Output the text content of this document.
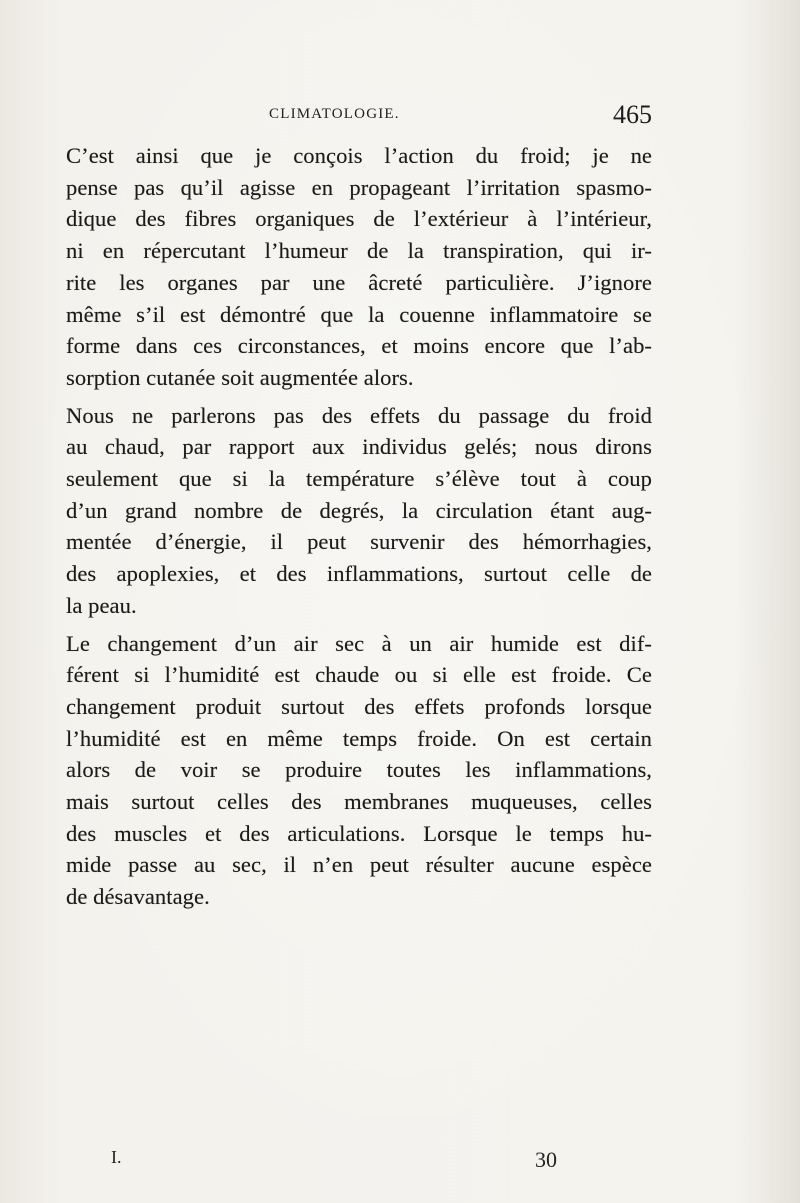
CLIMATOLOGIE.	465
C’est ainsi que je conçois l’action du froid; je ne
pense pas qu’il agisse en propageant l’irritation spasmo-
dique des fibres organiques de l’extérieur à l’intérieur,
ni en répercutant l’humeur de la transpiration, qui ir-
rite les organes par une âcreté particulière. J’ignore
même s’il est démontré que la couenne inflammatoire se
forme dans ces circonstances, et moins encore que l’ab-
sorption cutanée soit augmentée alors.
Nous ne parlerons pas des effets du passage du froid
au chaud, par rapport aux individus gelés; nous dirons
seulement que si la température s’élève tout à coup
d’un grand nombre de degrés, la circulation étant aug-
mentée d’énergie, il peut survenir des hémorrhagies,
des apoplexies, et des inflammations, surtout celle de
la peau.
Le changement d’un air sec à un air humide est dif-
férent si l’humidité est chaude ou si elle est froide. Ce
changement produit surtout des effets profonds lorsque
l’humidité est en même temps froide. On est certain
alors de voir se produire toutes les inflammations,
mais surtout celles des membranes muqueuses, celles
des muscles et des articulations. Lorsque le temps hu-
mide passe au sec, il n’en peut résulter aucune espèce
de désavantage.
I.	30
